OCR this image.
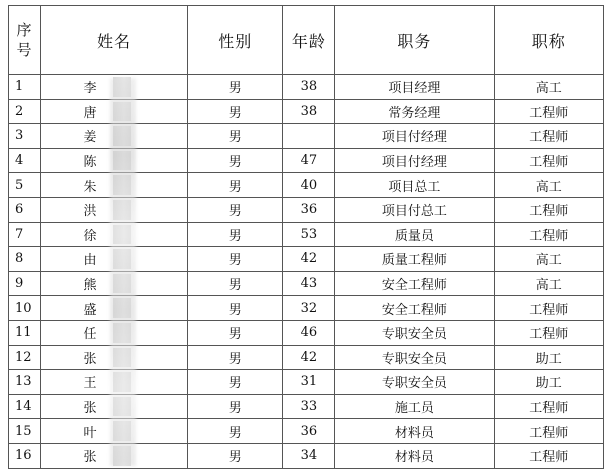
序号	姓名	性别	年龄	职务	职称
1	李	男	38	项目经理	高工
2	唐	男	38	常务经理	工程师
3	姜	男		项目付经理	工程师
4	陈	男	47	项目付经理	工程师
5	朱	男	40	项目总工	高工
6	洪	男	36	项目付总工	工程师
7	徐	男	53	质量员	工程师
8	由	男	42	质量工程师	高工
9	熊	男	43	安全工程师	高工
10	盛	男	32	安全工程师	工程师
11	任	男	46	专职安全员	工程师
12	张	男	42	专职安全员	助工
13	王	男	31	专职安全员	助工
14	张	男	33	施工员	工程师
15	叶	男	36	材料员	工程师
16	张	男	34	材料员	工程师
